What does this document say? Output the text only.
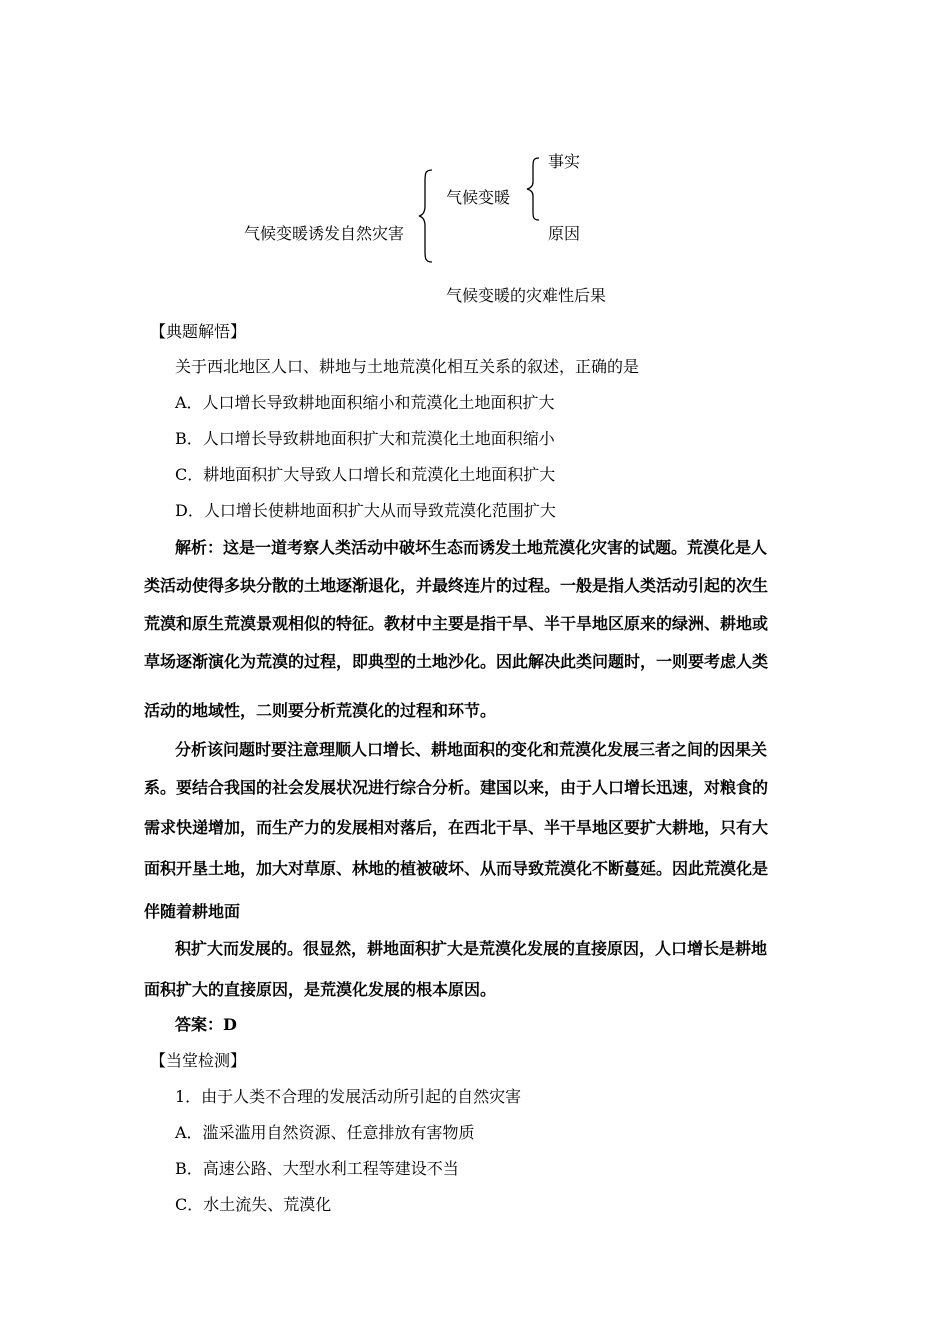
事实
气候变暖
气候变暖诱发自然灾害	原因
气候变暖的灾难性后果
【典题解悟】
关于西北地区人口、耕地与土地荒漠化相互关系的叙述，正确的是
A．人口增长导致耕地面积缩小和荒漠化土地面积扩大
B．人口增长导致耕地面积扩大和荒漠化土地面积缩小
C．耕地面积扩大导致人口增长和荒漠化土地面积扩大
D．人口增长使耕地面积扩大从而导致荒漠化范围扩大
解析：这是一道考察人类活动中破坏生态而诱发土地荒漠化灾害的试题。荒漠化是人
类活动使得多块分散的土地逐渐退化，并最终连片的过程。一般是指人类活动引起的次生
荒漠和原生荒漠景观相似的特征。教材中主要是指干旱、半干旱地区原来的绿洲、耕地或
草场逐渐演化为荒漠的过程，即典型的土地沙化。因此解决此类问题时，一则要考虑人类
活动的地域性，二则要分析荒漠化的过程和环节。
分析该问题时要注意理顺人口增长、耕地面积的变化和荒漠化发展三者之间的因果关
系。要结合我国的社会发展状况进行综合分析。建国以来，由于人口增长迅速，对粮食的
需求快递增加，而生产力的发展相对落后，在西北干旱、半干旱地区要扩大耕地，只有大
面积开垦土地，加大对草原、林地的植被破坏、从而导致荒漠化不断蔓延。因此荒漠化是
伴随着耕地面
积扩大而发展的。很显然，耕地面积扩大是荒漠化发展的直接原因，人口增长是耕地
面积扩大的直接原因，是荒漠化发展的根本原因。
答案：D
【当堂检测】
1．由于人类不合理的发展活动所引起的自然灾害
A．滥采滥用自然资源、任意排放有害物质
B．高速公路、大型水利工程等建设不当
C．水土流失、荒漠化
